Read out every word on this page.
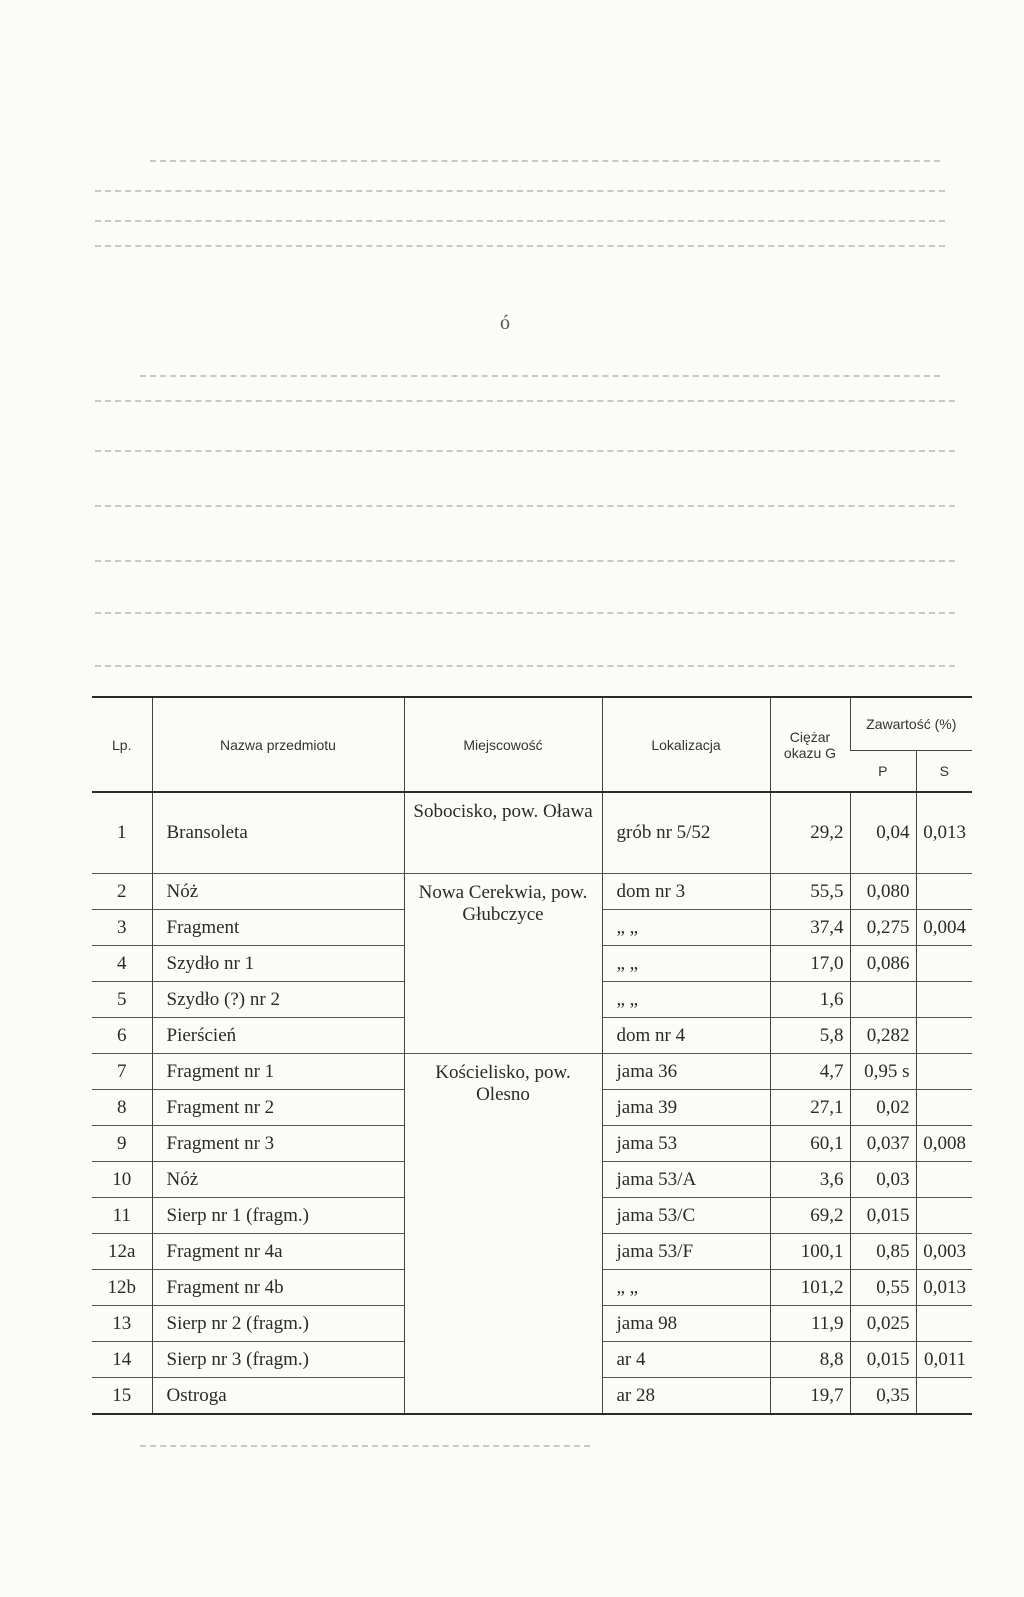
ó
Lp.	Nazwa przedmiotu	Miejscowość	Lokalizacja	Ciężar okazu G	Zawartość (%)	
					P	S
1	Bransoleta	Sobocisko, pow. Oława	grób nr 5/52	29,2	0,04	0,013
2	Nóż	Nowa Cerekwia, pow. Głubczyce	dom nr 3	55,5	0,080	
3	Fragment		„ „	37,4	0,275	0,004
4	Szydło nr 1		„ „	17,0	0,086	
5	Szydło (?) nr 2		„ „	1,6		
6	Pierścień		dom nr 4	5,8	0,282	
7	Fragment nr 1	Kościelisko, pow. Olesno	jama 36	4,7	0,95 s	
8	Fragment nr 2		jama 39	27,1	0,02	
9	Fragment nr 3		jama 53	60,1	0,037	0,008
10	Nóż		jama 53/A	3,6	0,03	
11	Sierp nr 1 (fragm.)		jama 53/C	69,2	0,015	
12a	Fragment nr 4a		jama 53/F	100,1	0,85	0,003
12b	Fragment nr 4b		„ „	101,2	0,55	0,013
13	Sierp nr 2 (fragm.)		jama 98	11,9	0,025	
14	Sierp nr 3 (fragm.)		ar 4	8,8	0,015	0,011
15	Ostroga		ar 28	19,7	0,35	
